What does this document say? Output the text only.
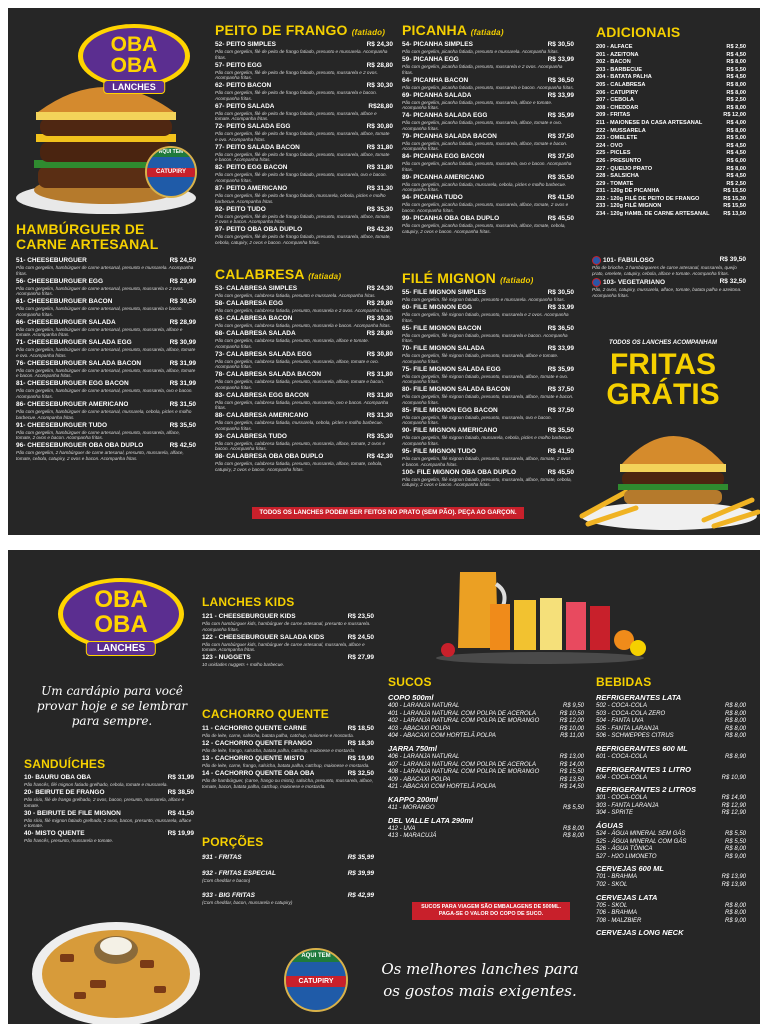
OBA
OBA
LANCHES
AQUI TEM
CATUPIRY
HAMBÚRGUER DE CARNE ARTESANAL
51- CHEESEBURGUER	R$ 24,50
Pão com gergelim, hambúrguer de carne artesanal, presunto e mussarela. Acompanha fritas.
56- CHEESEBURGUER EGG	R$ 29,99
Pão com gergelim, hambúrguer de carne artesanal, presunto, mussarela e 2 ovos. Acompanha fritas.
61- CHEESEBURGUER BACON	R$ 30,50
Pão com gergelim, hambúrguer de carne artesanal, presunto, mussarela e bacon. Acompanha fritas.
66- CHEESEBURGUER SALADA	R$ 28,99
Pão com gergelim, hambúrguer de carne artesanal, presunto, mussarela, alface e tomate. Acompanha fritas.
71- CHEESEBURGUER SALADA EGG	R$ 30,99
Pão com gergelim, hambúrguer de carne artesanal, presunto, mussarela, alface, tomate e ovo. Acompanha fritas.
76- CHEESEBURGUER SALADA BACON	R$ 31,99
Pão com gergelim, hambúrguer de carne artesanal, presunto, mussarela, alface, tomate e bacon. Acompanha fritas.
81- CHEESEBURGUER EGG BACON	R$ 31,99
Pão com gergelim, hambúrguer de carne artesanal, presunto, mussarela, ovo e bacon. Acompanha fritas.
86- CHEESEBURGUER AMERICANO	R$ 31,50
Pão com gergelim, hambúrguer de carne artesanal, mussarela, cebola, picles e molho barbecue. Acompanha fritas.
91- CHEESEBURGUER TUDO	R$ 35,50
Pão com gergelim, hambúrguer de carne artesanal, presunto, mussarela, alface, tomate, 2 ovos e bacon. Acompanha fritas.
96- CHEESEBURGUER OBA OBA DUPLO	R$ 42,50
Pão com gergelim, 2 hambúrguer de carne artesanal, presunto, mussarela, alface, tomate, cebola, catupiry, 2 ovos e bacon. Acompanha fritas.
PEITO DE FRANGO (fatiado)
52- PEITO SIMPLES	R$ 24,30
Pão com gergelim, filé de peito de frango fatiado, presunto e mussarela. Acompanha fritas.
57- PEITO EGG	R$ 28,80
Pão com gergelim, filé de peito de frango fatiado, presunto, mussarela e 2 ovos. Acompanha fritas.
62- PEITO BACON	R$ 30,30
Pão com gergelim, filé de peito de frango fatiado, presunto, mussarela e bacon. Acompanha fritas.
67- PEITO SALADA	R$28,80
Pão com gergelim, filé de peito de frango fatiado, presunto, mussarela, alface e tomate. Acompanha fritas.
72- PEITO SALADA EGG	R$ 30,80
Pão com gergelim, filé de peito de frango fatiado, presunto, mussarela, alface, tomate e ovo. Acompanha fritas.
77- PEITO SALADA BACON	R$ 31,80
Pão com gergelim, filé de peito de frango fatiado, presunto, mussarela, alface, tomate e bacon. Acompanha fritas.
82- PEITO EGG BACON	R$ 31,80
Pão com gergelim, filé de peito de frango fatiado, presunto, mussarela, ovo e bacon. Acompanha fritas.
87- PEITO AMERICANO	R$ 31,30
Pão com gergelim, filé de peito de frango fatiado, mussarela, cebola, picles e molho barbecue. Acompanha fritas.
92- PEITO TUDO	R$ 35,30
Pão com gergelim, filé de peito de frango fatiado, presunto, mussarela, alface, tomate, 2 ovos e bacon. Acompanha fritas.
97- PEITO OBA OBA DUPLO	R$ 42,30
Pão com gergelim, filé de peito de frango fatiado, presunto, mussarela, alface, tomate, cebola, catupiry, 2 ovos e bacon. Acompanha fritas.
CALABRESA (fatiada)
53- CALABRESA SIMPLES	R$ 24,30
Pão com gergelim, calabresa fatiada, presunto e mussarela. Acompanha fritas.
58- CALABRESA EGG	R$ 29,80
Pão com gergelim, calabresa fatiada, presunto, mussarela e 2 ovos. Acompanha fritas.
63- CALABRESA BACON	R$ 30,30
Pão com gergelim, calabresa fatiada, presunto, mussarela e bacon. Acompanha fritas.
68- CALABRESA SALADA	R$ 28,80
Pão com gergelim, calabresa fatiada, presunto, mussarela, alface e tomate. Acompanha fritas.
73- CALABRESA SALADA EGG	R$ 30,80
Pão com gergelim, calabresa fatiada, presunto, mussarela, alface, tomate e ovo. Acompanha fritas.
78- CALABRESA SALADA BACON	R$ 31,80
Pão com gergelim, calabresa fatiada, presunto, mussarela, alface, tomate e bacon. Acompanha fritas.
83- CALABRESA EGG BACON	R$ 31,80
Pão com gergelim, calabresa fatiada, presunto, mussarela, ovo e bacon. Acompanha fritas.
88- CALABRESA AMERICANO	R$ 31,30
Pão com gergelim, calabresa fatiada, mussarela, cebola, picles e molho barbecue. Acompanha fritas.
93- CALABRESA TUDO	R$ 35,30
Pão com gergelim, calabresa fatiada, presunto, mussarela, alface, tomate, 2 ovos e bacon. Acompanha fritas.
98- CALABRESA OBA OBA DUPLO	R$ 42,30
Pão com gergelim, calabresa fatiada, presunto, mussarela, alface, tomate, cebola, catupiry, 2 ovos e bacon. Acompanha fritas.
PICANHA (fatiada)
54- PICANHA SIMPLES	R$ 30,50
Pão com gergelim, picanha fatiada, presunto e mussarela. Acompanha fritas.
59- PICANHA EGG	R$ 33,99
Pão com gergelim, picanha fatiada, presunto, mussarela e 2 ovos. Acompanha fritas.
64- PICANHA BACON	R$ 36,50
Pão com gergelim, picanha fatiada, presunto, mussarela e bacon. Acompanha fritas.
69- PICANHA SALADA	R$ 33,99
Pão com gergelim, picanha fatiada, presunto, mussarela, alface e tomate. Acompanha fritas.
74- PICANHA SALADA EGG	R$ 35,99
Pão com gergelim, picanha fatiada, presunto, mussarela, alface, tomate e ovo. Acompanha fritas.
79- PICANHA SALADA BACON	R$ 37,50
Pão com gergelim, picanha fatiada, presunto, mussarela, alface, tomate e bacon. Acompanha fritas.
84- PICANHA EGG BACON	R$ 37,50
Pão com gergelim, picanha fatiada, presunto, mussarela, ovo e bacon. Acompanha fritas.
89- PICANHA AMERICANO	R$ 35,50
Pão com gergelim, picanha fatiada, mussarela, cebola, picles e molho barbecue. Acompanha fritas.
94- PICANHA TUDO	R$ 41,50
Pão com gergelim, picanha fatiada, presunto, mussarela, alface, tomate, 2 ovos e bacon. Acompanha fritas.
99- PICANHA OBA OBA DUPLO	R$ 45,50
Pão com gergelim, picanha fatiada, presunto, mussarela, alface, tomate, cebola, catupiry, 2 ovos e bacon. Acompanha fritas.
FILÉ MIGNON (fatiado)
55- FILÉ MIGNON SIMPLES	R$ 30,50
Pão com gergelim, filé mignon fatiado, presunto e mussarela. Acompanha fritas.
60- FILÉ MIGNON EGG	R$ 33,99
Pão com gergelim, filé mignon fatiado, presunto, mussarela e 2 ovos. Acompanha fritas.
65- FILÉ MIGNON BACON	R$ 36,50
Pão com gergelim, filé mignon fatiado, presunto, mussarela e bacon. Acompanha fritas.
70- FILÉ MIGNON SALADA	R$ 33,99
Pão com gergelim, filé mignon fatiado, presunto, mussarela, alface e tomate. Acompanha fritas.
75- FILÉ MIGNON SALADA EGG	R$ 35,99
Pão com gergelim, filé mignon fatiado, presunto, mussarela, alface, tomate e ovo. Acompanha fritas.
80- FILÉ MIGNON SALADA BACON	R$ 37,50
Pão com gergelim, filé mignon fatiado, presunto, mussarela, alface, tomate e bacon. Acompanha fritas.
85- FILÉ MIGNON EGG BACON	R$ 37,50
Pão com gergelim, filé mignon fatiado, presunto, mussarela, ovo e bacon. Acompanha fritas.
90- FILÉ MIGNON AMERICANO	R$ 35,50
Pão com gergelim, filé mignon fatiado, mussarela, cebola, picles e molho barbecue. Acompanha fritas.
95- FILÉ MIGNON TUDO	R$ 41,50
Pão com gergelim, filé mignon fatiado, presunto, mussarela, alface, tomate, 2 ovos e bacon. Acompanha fritas.
100- FILÉ MIGNON OBA OBA DUPLO	R$ 45,50
Pão com gergelim, filé mignon fatiado, presunto, mussarela, alface, tomate, cebola, catupiry, 2 ovos e bacon. Acompanha fritas.
ADICIONAIS
200 - ALFACE	R$ 2,50
201 - AZEITONA	R$ 4,50
202 - BACON	R$ 8,00
203 - BARBECUE	R$ 5,50
204 - BATATA PALHA	R$ 4,50
205 - CALABRESA	R$ 8,00
206 - CATUPIRY	R$ 8,00
207 - CEBOLA	R$ 2,50
208 - CHEDDAR	R$ 8,00
209 - FRITAS	R$ 12,00
211 - MAIONESE DA CASA ARTESANAL	R$ 4,00
222 - MUSSARELA	R$ 8,00
223 - OMELETE	R$ 5,00
224 - OVO	R$ 4,50
225 - PICLES	R$ 4,50
226 - PRESUNTO	R$ 6,00
227 - QUEIJO PRATO	R$ 8,00
228 - SALSICHA	R$ 4,50
229 - TOMATE	R$ 2,50
231 - 120g DE PICANHA	R$ 15,50
232 - 120g FILÉ DE PEITO DE FRANGO	R$ 15,30
233 - 120g FILÉ MIGNON	R$ 15,50
234 - 120g HAMB. DE CARNE ARTESANAL R$ 13,50
101- FABULOSO	R$ 39,50
Pão de brioche, 2 hambúrgueres de carne artesanal, mussarela, queijo prato, omelete, catupiry, cebola, alface e tomate. Acompanha fritas.
103- VEGETARIANO	R$ 32,50
Pão, 2 ovos, catupiry, mussarela, alface, tomate, batata palha e azeitona. Acompanha fritas.
TODOS OS LANCHES ACOMPANHAM
FRITAS
GRÁTIS
TODOS OS LANCHES PODEM SER FEITOS NO PRATO (SEM PÃO). PEÇA AO GARÇON.
OBA
OBA
LANCHES
Um cardápio para você provar hoje e se lembrar para sempre.
SANDUÍCHES
10- BAURU OBA OBA	R$ 31,99
Pão francês, filé mignon fatiado grelhado, cebola, tomate e mussarela.
20- BEIRUTE DE FRANGO	R$ 38,50
Pão sírio, filé de frango grelhado, 2 ovos, bacon, presunto, mussarela, alface e tomate.
30 - BEIRUTE DE FILÉ MIGNON	R$ 41,50
Pão sírio, filé mignon fatiado grelhado, 2 ovos, bacon, presunto, mussarela, alface e tomate.
40- MISTO QUENTE	R$ 19,99
Pão francês, presunto, mussarela e tomate.
LANCHES KIDS
121 - CHEESEBURGUER KIDS	R$ 23,50
Pão com hambúrguer kids, hambúrguer de carne artesanal, presunto e mussarela. Acompanha fritas.
122 - CHEESEBURGUER SALADA KIDS	R$ 24,50
Pão com hambúrguer kids, hambúrguer de carne artesanal, mussarela, alface e tomate. Acompanha fritas.
123 - NUGGETS	R$ 27,99
10 unidades nuggets + molho barbecue.
CACHORRO QUENTE
11 - CACHORRO QUENTE CARNE	R$ 18,50
Pão de leite, carne, salsicha, batata palha, catchup, maionese e mostarda.
12 - CACHORRO QUENTE FRANGO	R$ 18,30
Pão de leite, frango, salsicha, batata palha, catchup, maionese e mostarda.
13 - CACHORRO QUENTE MISTO	R$ 19,90
Pão de leite, carne, frango, salsicha, batata palha, catchup, maionese e mostarda.
14 - CACHORRO QUENTE OBA OBA	R$ 32,50
Pão de hambúrguer, (carne, frango ou misto), salsicha, presunto, mussarela, alface, tomate, bacon, batata palha, catchup, maionese e mostarda.
PORÇÕES
931 - FRITAS	R$ 35,99
932 - FRITAS ESPECIAL	R$ 39,99
(Com cheddar e bacon)
933 - BIG FRITAS	R$ 42,99
(Com cheddar, bacon, mussarela e catupiry)
AQUI TEM
CATUPIRY
SUCOS
COPO 500ml
400 - LARANJA NATURAL	R$ 9,50
401 - LARANJA NATURAL COM POLPA DE ACEROLA	R$ 10,50
402 - LARANJA NATURAL COM POLPA DE MORANGO	R$ 12,00
403 - ABACAXI POLPA	R$ 10,00
404 - ABACAXI COM HORTELÃ POLPA	R$ 11,00
JARRA 750ml
406 - LARANJA NATURAL	R$ 13,00
407 - LARANJA NATURAL COM POLPA DE ACEROLA	R$ 14,00
408 - LARANJA NATURAL COM POLPA DE MORANGO	R$ 15,50
409 - ABACAXI POLPA	R$ 13,50
421 - ABACAXI COM HORTELÃ POLPA	R$ 14,50
KAPPO 200ml
411 - MORANGO	R$ 5,50
DEL VALLE LATA 290ml
412 - UVA	R$ 8,00
413 - MARACUJÁ	R$ 8,00
SUCOS PARA VIAGEM SÃO EMBALAGENS DE 500ML. PAGA-SE O VALOR DO COPO DE SUCO.
Os melhores lanches para os gostos mais exigentes.
BEBIDAS
REFRIGERANTES LATA
502 - COCA-COLA	R$ 8,00
503 - COCA-COLA ZERO	R$ 8,00
504 - FANTA UVA	R$ 8,00
505 - FANTA LARANJA	R$ 8,00
506 - SCHWEPPES CITRUS	R$ 8,00
REFRIGERANTES 600 ML
601 - COCA-COLA	R$ 8,90
REFRIGERANTES 1 LITRO
604 - COCA-COLA	R$ 10,90
REFRIGERANTES 2 LITROS
301 - COCA-COLA	R$ 14,90
303 - FANTA LARANJA	R$ 12,90
304 - SPRITE	R$ 12,90
ÁGUAS
524 - ÁGUA MINERAL SEM GÁS	R$ 5,50
525 - ÁGUA MINERAL COM GÁS	R$ 5,50
526 - ÁGUA TÔNICA	R$ 8,00
527 - H2O LIMONETO	R$ 9,00
CERVEJAS 600 ML
701 - BRAHMA	R$ 13,90
702 - SKOL	R$ 13,90
CERVEJAS LATA
705 - SKOL	R$ 8,00
706 - BRAHMA	R$ 8,00
708 - MALZBIER	R$ 9,00
CERVEJAS LONG NECK
